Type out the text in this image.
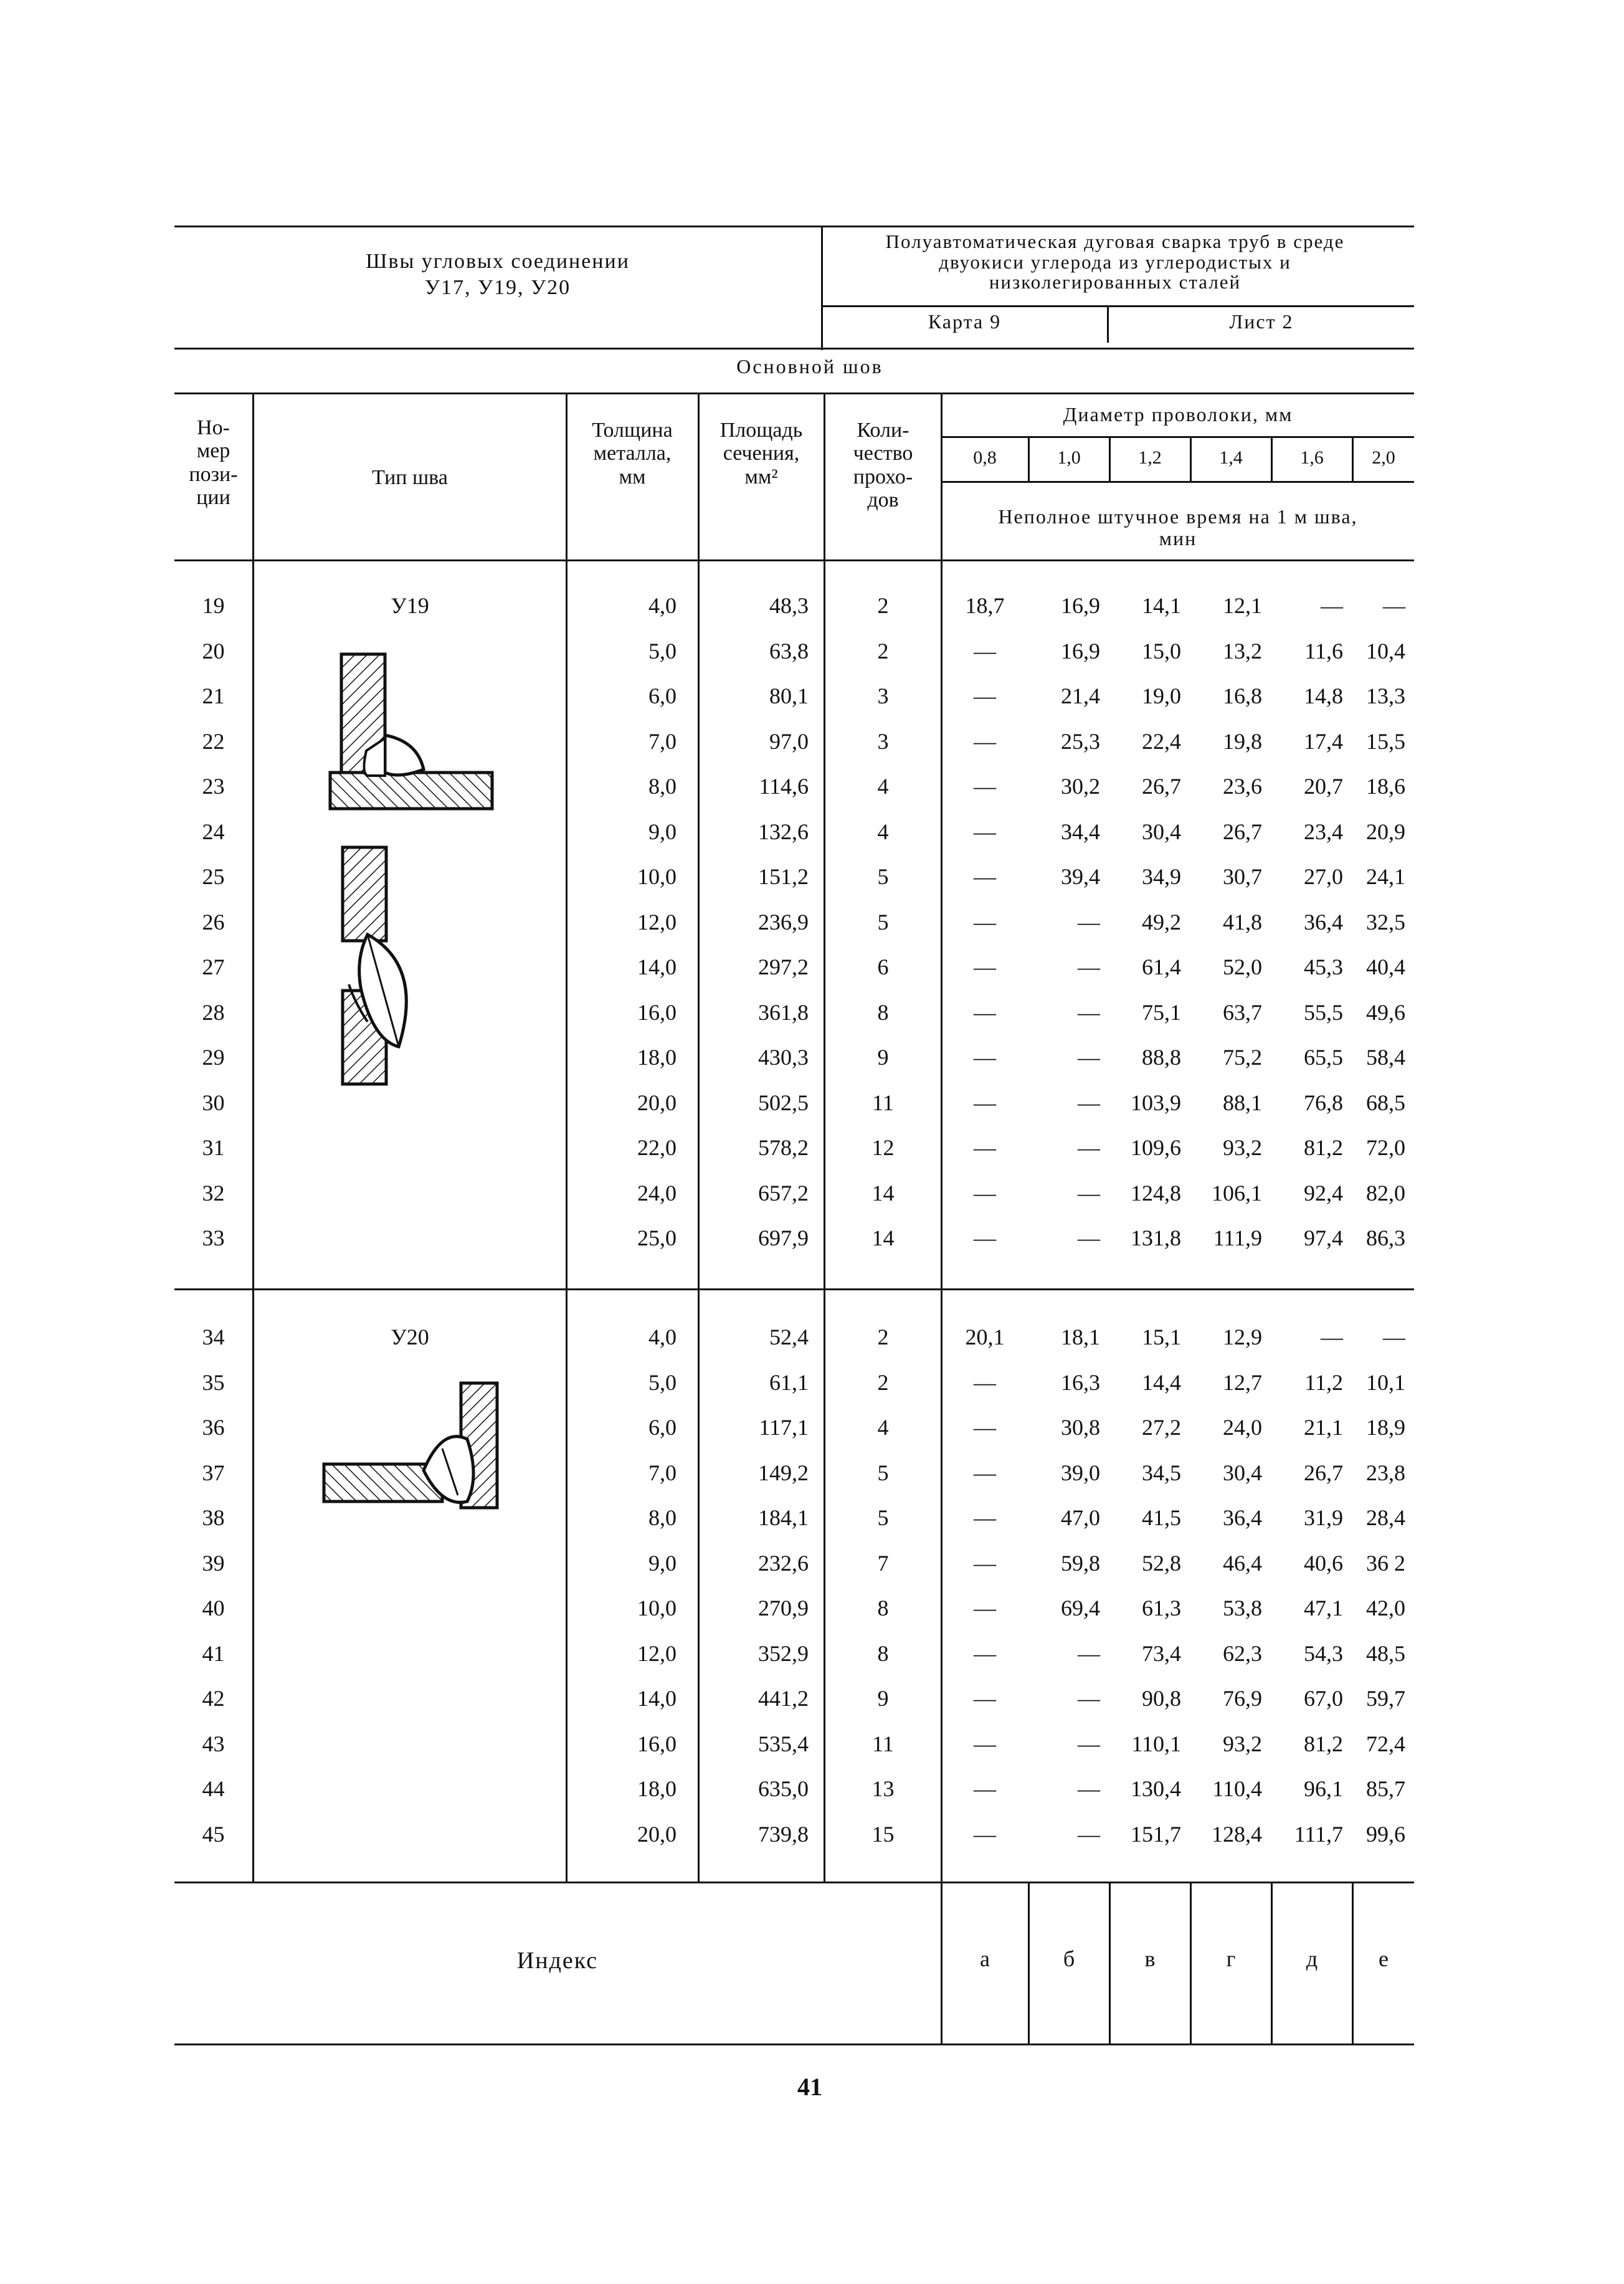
Швы угловых соединении
У17, У19, У20
Полуавтоматическая дуговая сварка труб в среде двуокиси углерода из углеродистых и низколегированных сталей
Карта 9	Лист 2
Основной шов
Но-
мер
пози-
ции
Тип шва
Толщина
металла,
мм
Площадь
сечения,
мм²
Коли-
чество
прохо-
дов
Диаметр проволоки, мм
0,8	1,0	1,2	1,4	1,6	2,0
Неполное штучное время на 1 м шва,
мин
19	4,0	48,3	2	18,7	16,9	14,1	12,1	—	—
20	5,0	63,8	2	—	16,9	15,0	13,2	11,6	10,4
21	6,0	80,1	3	—	21,4	19,0	16,8	14,8	13,3
22	7,0	97,0	3	—	25,3	22,4	19,8	17,4	15,5
23	8,0	114,6	4	—	30,2	26,7	23,6	20,7	18,6
24	9,0	132,6	4	—	34,4	30,4	26,7	23,4	20,9
25	10,0	151,2	5	—	39,4	34,9	30,7	27,0	24,1
26	12,0	236,9	5	—	—	49,2	41,8	36,4	32,5
27	14,0	297,2	6	—	—	61,4	52,0	45,3	40,4
28	16,0	361,8	8	—	—	75,1	63,7	55,5	49,6
29	18,0	430,3	9	—	—	88,8	75,2	65,5	58,4
30	20,0	502,5	11	—	—	103,9	88,1	76,8	68,5
31	22,0	578,2	12	—	—	109,6	93,2	81,2	72,0
32	24,0	657,2	14	—	—	124,8	106,1	92,4	82,0
33	25,0	697,9	14	—	—	131,8	111,9	97,4	86,3
34	4,0	52,4	2	20,1	18,1	15,1	12,9	—	—
35	5,0	61,1	2	—	16,3	14,4	12,7	11,2	10,1
36	6,0	117,1	4	—	30,8	27,2	24,0	21,1	18,9
37	7,0	149,2	5	—	39,0	34,5	30,4	26,7	23,8
38	8,0	184,1	5	—	47,0	41,5	36,4	31,9	28,4
39	9,0	232,6	7	—	59,8	52,8	46,4	40,6	36 2
40	10,0	270,9	8	—	69,4	61,3	53,8	47,1	42,0
41	12,0	352,9	8	—	—	73,4	62,3	54,3	48,5
42	14,0	441,2	9	—	—	90,8	76,9	67,0	59,7
43	16,0	535,4	11	—	—	110,1	93,2	81,2	72,4
44	18,0	635,0	13	—	—	130,4	110,4	96,1	85,7
45	20,0	739,8	15	—	—	151,7	128,4	111,7	99,6
У19
У20
Индекс	а	б	в	г	д	е
41
